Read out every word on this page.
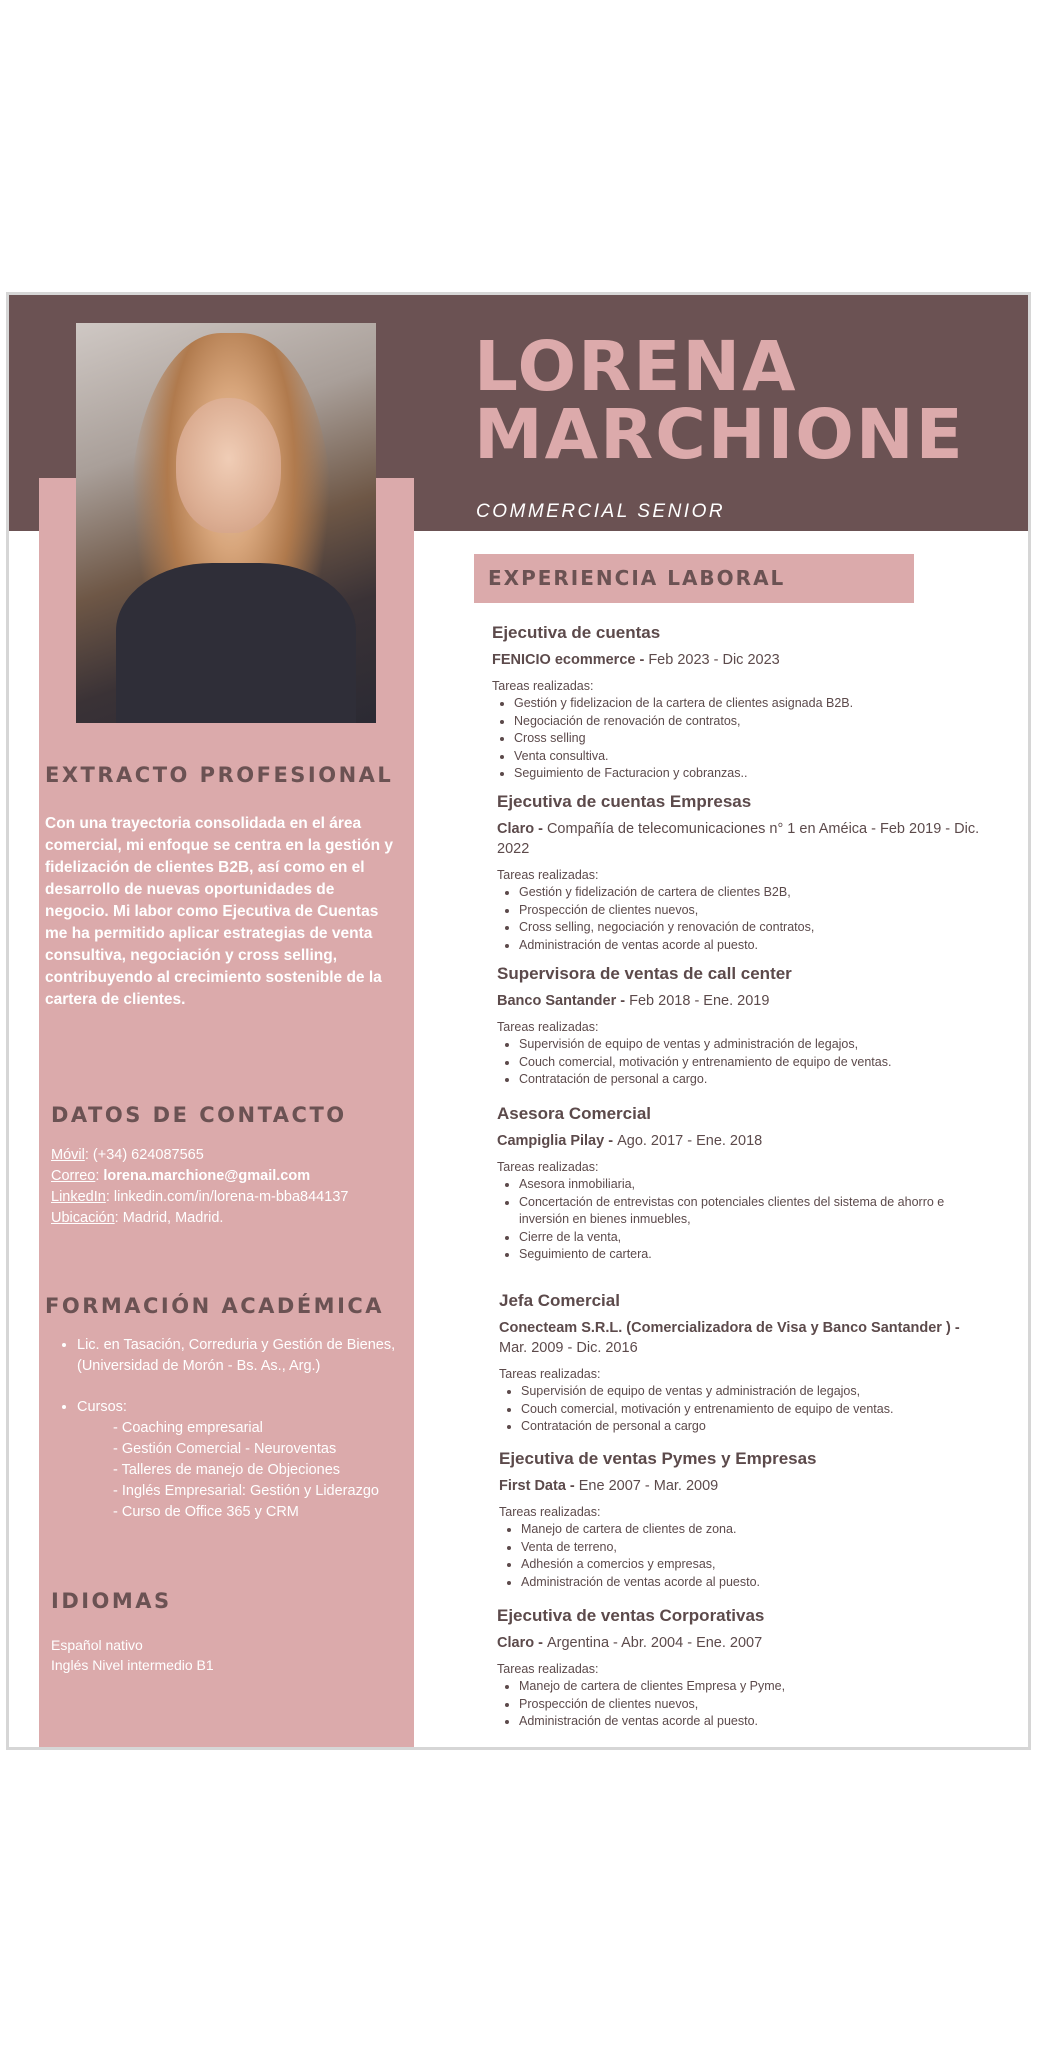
LORENA
MARCHIONE
COMMERCIAL SENIOR
EXTRACTO PROFESIONAL
Con una trayectoria consolidada en el área comercial, mi enfoque se centra en la gestión y fidelización de clientes B2B, así como en el desarrollo de nuevas oportunidades de negocio. Mi labor como Ejecutiva de Cuentas me ha permitido aplicar estrategias de venta consultiva, negociación y cross selling, contribuyendo al crecimiento sostenible de la cartera de clientes.
DATOS DE CONTACTO
Móvil: (+34) 624087565
Correo: lorena.marchione@gmail.com
LinkedIn: linkedin.com/in/lorena-m-bba844137
Ubicación: Madrid, Madrid.
FORMACIÓN ACADÉMICA
• Lic. en Tasación, Correduria y Gestión de Bienes, (Universidad de Morón - Bs. As., Arg.)
• Cursos:
- Coaching empresarial
- Gestión Comercial - Neuroventas
- Talleres de manejo de Objeciones
- Inglés Empresarial: Gestión y Liderazgo
- Curso de Office 365 y CRM
IDIOMAS
Español nativo
Inglés Nivel intermedio B1
EXPERIENCIA LABORAL
Ejecutiva de cuentas
FENICIO ecommerce - Feb 2023 - Dic 2023
Tareas realizadas:
• Gestión y fidelizacion de la cartera de clientes asignada B2B.
• Negociación de renovación de contratos,
• Cross selling
• Venta consultiva.
• Seguimiento de Facturacion y cobranzas..
Ejecutiva de cuentas Empresas
Claro - Compañía de telecomunicaciones n° 1 en Améica - Feb 2019 - Dic. 2022
Tareas realizadas:
• Gestión y fidelización de cartera de clientes B2B,
• Prospección de clientes nuevos,
• Cross selling, negociación y renovación de contratos,
• Administración de ventas acorde al puesto.
Supervisora de ventas de call center
Banco Santander - Feb 2018 - Ene. 2019
Tareas realizadas:
• Supervisión de equipo de ventas y administración de legajos,
• Couch comercial, motivación y entrenamiento de equipo de ventas.
• Contratación de personal a cargo.
Asesora Comercial
Campiglia Pilay - Ago. 2017 - Ene. 2018
Tareas realizadas:
• Asesora inmobiliaria,
• Concertación de entrevistas con potenciales clientes del sistema de ahorro e inversión en bienes inmuebles,
• Cierre de la venta,
• Seguimiento de cartera.
Jefa Comercial
Conecteam S.R.L. (Comercializadora de Visa y Banco Santander ) - Mar. 2009 - Dic. 2016
Tareas realizadas:
• Supervisión de equipo de ventas y administración de legajos,
• Couch comercial, motivación y entrenamiento de equipo de ventas.
• Contratación de personal a cargo
Ejecutiva de ventas Pymes y Empresas
First Data - Ene 2007 - Mar. 2009
Tareas realizadas:
• Manejo de cartera de clientes de zona.
• Venta de terreno,
• Adhesión a comercios y empresas,
• Administración de ventas acorde al puesto.
Ejecutiva de ventas Corporativas
Claro - Argentina - Abr. 2004 - Ene. 2007
Tareas realizadas:
• Manejo de cartera de clientes Empresa y Pyme,
• Prospección de clientes nuevos,
• Administración de ventas acorde al puesto.
